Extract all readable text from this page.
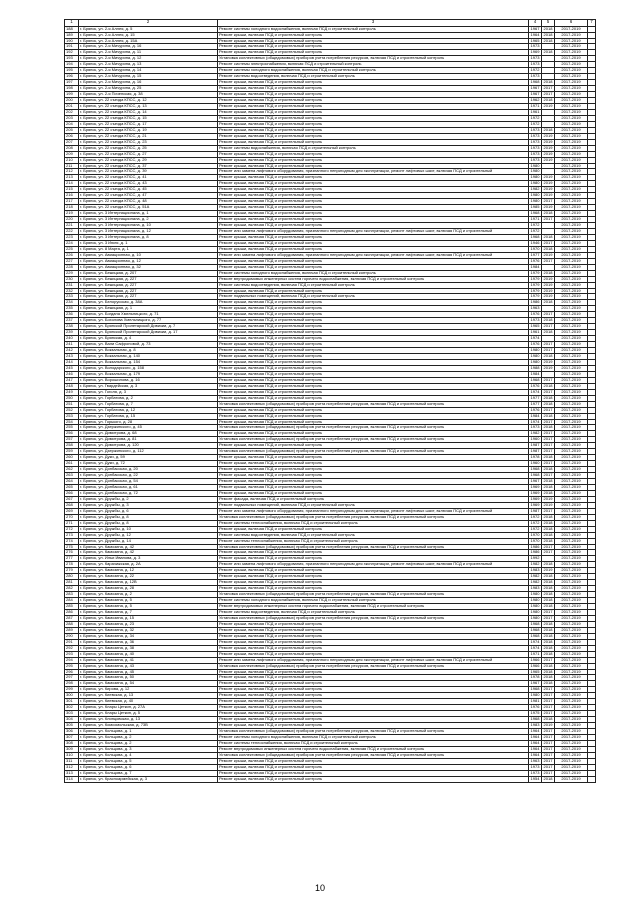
1	2	3	4	5	6	7
188	г. Брянск, ул. 2-я Аллея, д. 5	Ремонт системы холодного водоснабжения, включая ПСД и строительный контроль	1967	2018	2017-2019	
189	г. Брянск, ул. 2-я Аллея, д. 15	Ремонт крыши, включая ПСД и строительный контроль	1964	2018	2017-2019	
190	г. Брянск, ул. 2-я Аллея, д. 15А	Ремонт крыши, включая ПСД и строительный контроль	1965	2018	2017-2019	
191	г. Брянск, ул. 2-я Мичурина, д. 16	Ремонт крыши, включая ПСД и строительный контроль	1973		2017-2019	
192	г. Брянск, ул. 2-я Мичурина, д. 11	Ремонт крыши, включая ПСД и строительный контроль	1969	2018	2017-2019	
193	г. Брянск, ул. 2-я Мичурина, д. 12	Установка коллективных (общедомовых) приборов учета потребления ресурсов, включая ПСД и строительный контроль	1973		2017-2019	
194	г. Брянск, ул. 2-я Мичурина, д. 13	Ремонт системы электроснабжения, включая ПСД и строительный контроль	1973		2017-2019	
195	г. Брянск, ул. 2-я Мичурина, д. 14	Ремонт системы холодного водоснабжения, включая ПСД и строительный контроль	1972		2017-2019	
196	г. Брянск, ул. 2-я Мичурина, д. 15	Ремонт системы водоотведения, включая ПСД и строительный контроль	1973		2017-2019	
197	г. Брянск, ул. 2-я Мичурина, д. 16	Ремонт крыши, включая ПСД и строительный контроль	1968	2018	2017-2019	
198	г. Брянск, ул. 2-я Мичурина, д. 25	Ремонт крыши, включая ПСД и строительный контроль	1967	2017	2017-2019	
199	г. Брянск, ул. 2-я Почепская, д. 38	Ремонт крыши, включая ПСД и строительный контроль	1967	2017	2017-2019	
200	г. Брянск, ул. 22 съезда КПСС, д. 12	Ремонт крыши, включая ПСД и строительный контроль	1962	2018	2017-2019	
201	г. Брянск, ул. 22 съезда КПСС, д. 13	Ремонт крыши, включая ПСД и строительный контроль	1971	2019	2017-2019	
202	г. Брянск, ул. 22 съезда КПСС, д. 14	Ремонт крыши, включая ПСД и строительный контроль	1961		2017-2019	
203	г. Брянск, ул. 22 съезда КПСС, д. 15	Ремонт крыши, включая ПСД и строительный контроль	1972		2017-2019	
204	г. Брянск, ул. 22 съезда КПСС, д. 17	Ремонт крыши, включая ПСД и строительный контроль	1972		2017-2019	
205	г. Брянск, ул. 22 съезда КПСС, д. 19	Ремонт крыши, включая ПСД и строительный контроль	1973	2018	2017-2019	
206	г. Брянск, ул. 22 съезда КПСС, д. 21	Ремонт крыши, включая ПСД и строительный контроль	1973	2019	2017-2019	
207	г. Брянск, ул. 22 съезда КПСС, д. 23	Ремонт крыши, включая ПСД и строительный контроль	1973	2019	2017-2019	
208	г. Брянск, ул. 22 съезда КПСС, д. 25	Ремонт системы водоснабжения, включая ПСД и строительный контроль	1973	2019	2017-2019	
209	г. Брянск, ул. 22 съезда КПСС, д. 27	Ремонт крыши, включая ПСД и строительный контроль	1973	2019	2017-2019	
210	г. Брянск, ул. 22 съезда КПСС, д. 29	Ремонт крыши, включая ПСД и строительный контроль	1973	2019	2017-2019	
211	г. Брянск, ул. 22 съезда КПСС, д. 37	Ремонт крыши, включая ПСД и строительный контроль	1980		2017-2019	
212	г. Брянск, ул. 22 съезда КПСС, д. 39	Ремонт или замена лифтового оборудования, признанного непригодным для эксплуатации, ремонт лифтовых шахт, включая ПСД и строительный	1980		2017-2019	
213	г. Брянск, ул. 22 съезда КПСС, д. 41	Ремонт крыши, включая ПСД и строительный контроль	1980	2019	2017-2019	
214	г. Брянск, ул. 22 съезда КПСС, д. 43	Ремонт крыши, включая ПСД и строительный контроль	1980	2019	2017-2019	
215	г. Брянск, ул. 22 съезда КПСС, д. 45	Ремонт крыши, включая ПСД и строительный контроль	1982	2019	2017-2019	
216	г. Брянск, ул. 22 съезда КПСС, д. 47	Ремонт крыши, включая ПСД и строительный контроль	1980	2019	2017-2019	
217	г. Брянск, ул. 22 съезда КПСС, д. 48	Ремонт крыши, включая ПСД и строительный контроль	1980	2017	2017-2019	
218	г. Брянск, ул. 22 съезда КПСС, д. 51А	Ремонт крыши, включая ПСД и строительный контроль	1985	2019	2017-2019	
219	г. Брянск, ул. 3 Интернационала, д. 1	Ремонт крыши, включая ПСД и строительный контроль	1968	2018	2017-2019	
220	г. Брянск, ул. 3 Интернационала, д. 2	Ремонт крыши, включая ПСД и строительный контроль	1971	2017	2017-2019	
221	г. Брянск, ул. 3 Интернационала, д. 10	Ремонт крыши, включая ПСД и строительный контроль	1972		2017-2019	
222	г. Брянск, ул. 3 Интернационала, д. 12	Ремонт или замена лифтового оборудования, признанного непригодным для эксплуатации, ремонт лифтовых шахт, включая ПСД и строительный	1972		2017-2019	
223	г. Брянск, ул. 3 Интернационала, д. 8	Ремонт крыши, включая ПСД и строительный контроль	1968	2018	2017-2019	
224	г. Брянск, ул. 3 Июля, д. 1	Ремонт крыши, включая ПСД и строительный контроль	1946	2017	2017-2019	
225	г. Брянск, ул. 8 Марта, д. 1	Ремонт крыши, включая ПСД и строительный контроль	1970	2018	2017-2019	
226	г. Брянск, ул. Авиационная, д. 10	Ремонт или замена лифтового оборудования, признанного непригодным для эксплуатации, ремонт лифтовых шахт, включая ПСД и строительный	1977	2019	2017-2019	
227	г. Брянск, ул. Авиационная, д. 12	Ремонт крыши, включая ПСД и строительный контроль	1976	2017	2017-2019	
228	г. Брянск, ул. Авиационная, д. 32	Ремонт крыши, включая ПСД и строительный контроль	1984		2017-2019	
229	г. Брянск, ул. Бежицкая, д. 207	Ремонт системы холодного водоснабжения, включая ПСД и строительный контроль	1979	2018	2017-2019	
230	г. Брянск, ул. Бежицкая, д. 227	Ремонт внутридомовых инженерных систем горячего водоснабжения, включая ПСД и строительный контроль	1979	2019	2017-2019	
231	г. Брянск, ул. Бежицкая, д. 227	Ремонт системы водоотведения, включая ПСД и строительный контроль	1979	2019	2017-2019	
232	г. Брянск, ул. Бежицкая, д. 227	Ремонт крыши, включая ПСД и строительный контроль	1979	2019	2017-2019	
233	г. Брянск, ул. Бежицкая, д. 227	Ремонт подвальных помещений, включая ПСД и строительный контроль	1979	2019	2017-2019	
234	г. Брянск, ул. Белорусская, д. 38А	Ремонт крыши, включая ПСД и строительный контроль	1986	2018	2017-2019	
235	г. Брянск, ул. Бежицкая, д. 1	Ремонт крыши, включая ПСД и строительный контроль	1963		2017-2019	
236	г. Брянск, ул. Богдана Хмельницкого, д. 71	Ремонт крыши, включая ПСД и строительный контроль	1976	2017	2017-2019	
237	г. Брянск, ул. Бохолова Хмельницкого, д. 77	Ремонт крыши, включая ПСД и строительный контроль	1973	2018	2017-2019	
238	г. Брянск, ул. Брянской Пролетарской Дивизии, д. 7	Ремонт крыши, включая ПСД и строительный контроль	1965	2017	2017-2019	
239	г. Брянск, ул. Брянской Пролетарской Дивизии, д. 17	Ремонт крыши, включая ПСД и строительный контроль	1961	2018	2017-2019	
240	г. Брянск, ул. Брянская, д. 4	Ремонт крыши, включая ПСД и строительный контроль	1974		2017-2019	
241	г. Брянск, ул. Вали Сафроновой, д. 73	Ремонт крыши, включая ПСД и строительный контроль	1976	2017	2017-2019	
242	г. Брянск, ул. Вокзальная, д. 8	Ремонт крыши, включая ПСД и строительный контроль	1980	2017	2017-2019	
243	г. Брянск, ул. Вокзальная, д. 140	Ремонт крыши, включая ПСД и строительный контроль	1980	2018	2017-2019	
244	г. Брянск, ул. Вокзальная, д. 154	Ремонт крыши, включая ПСД и строительный контроль	1980	2019	2017-2019	
245	г. Брянск, ул. Володарского, д. 158	Ремонт крыши, включая ПСД и строительный контроль	1988	2019	2017-2019	
246	г. Брянск, ул. Вокзальная, д. 179	Ремонт крыши, включая ПСД и строительный контроль	1984		2017-2019	
247	г. Брянск, ул. Ворошилова, д. 16	Ремонт крыши, включая ПСД и строительный контроль	1968	2017	2017-2019	
248	г. Брянск, ул. Гвардейская, д. 3	Ремонт крыши, включая ПСД и строительный контроль	1976	2018	2017-2019	
249	г. Брянск, ул. Гоголя, д. 3	Ремонт крыши, включая ПСД и строительный контроль	1974	2017	2017-2019	
250	г. Брянск, ул. Горбатова, д. 2	Ремонт крыши, включая ПСД и строительный контроль	1977	2018	2017-2019	
251	г. Брянск, ул. Горбатова, д. 7	Установка коллективных (общедомовых) приборов учета потребления ресурсов, включая ПСД и строительный контроль	1977	2018	2017-2019	
252	г. Брянск, ул. Горбатова, д. 12	Ремонт крыши, включая ПСД и строительный контроль	1976	2017	2017-2019	
253	г. Брянск, ул. Горбатова, д. 15	Ремонт крыши, включая ПСД и строительный контроль	1984	2018	2017-2019	
254	г. Брянск, ул. Горького, д. 28	Ремонт крыши, включая ПСД и строительный контроль	1974	2017	2017-2019	
255	г. Брянск, ул. Дзержинского, д. 45	Установка коллективных (общедомовых) приборов учета потребления ресурсов, включая ПСД и строительный контроль	1973	2018	2017-2019	
256	г. Брянск, ул. Димитрова, д. 68	Ремонт крыши, включая ПСД и строительный контроль	1982	2017	2017-2019	
257	г. Брянск, ул. Димитрова, д. 81	Установка коллективных (общедомовых) приборов учета потребления ресурсов, включая ПСД и строительный контроль	1960	2017	2017-2019	
258	г. Брянск, ул. Димитрова, д. 120	Ремонт крыши, включая ПСД и строительный контроль	1987	2017	2017-2019	
259	г. Брянск, ул. Дзержинского, д. 112	Установка коллективных (общедомовых) приборов учета потребления ресурсов, включая ПСД и строительный контроль	1987	2017	2017-2019	
260	г. Брянск, ул. Дуки, д. 59	Ремонт крыши, включая ПСД и строительный контроль	1978	2018	2017-2019	
261	г. Брянск, ул. Дуки, д. 72	Ремонт крыши, включая ПСД и строительный контроль	1960	2017	2017-2019	
262	г. Брянск, ул. Донбасская, д. 20	Ремонт крыши, включая ПСД и строительный контроль	1968	2018	2017-2019	
263	г. Брянск, ул. Донбасская, д. 22	Ремонт крыши, включая ПСД и строительный контроль	1968	2017	2017-2019	
264	г. Брянск, ул. Донбасская, д. 54	Ремонт крыши, включая ПСД и строительный контроль	1967	2018	2017-2019	
265	г. Брянск, ул. Донбасская, д. 61	Ремонт крыши, включая ПСД и строительный контроль	1969	2018	2017-2019	
266	г. Брянск, ул. Донбасская, д. 72	Ремонт крыши, включая ПСД и строительный контроль	1969	2018	2017-2019	
267	г. Брянск, ул. Дружбы, д. 2	Ремонт фасада, включая ПСД и строительный контроль	1969	2019	2017-2019	
268	г. Брянск, ул. Дружбы, д. 3	Ремонт подвальных помещений, включая ПСД и строительный контроль	1969	2019	2017-2019	
269	г. Брянск, ул. Дружбы, д. 6	Ремонт или замена лифтового оборудования, признанного непригодным для эксплуатации, ремонт лифтовых шахт, включая ПСД и строительный	1987	2017	2017-2019	
270	г. Брянск, ул. Дружбы, д. 8	Установка коллективных (общедомовых) приборов учета потребления ресурсов, включая ПСД и строительный контроль	1972	2018	2017-2019	
271	г. Брянск, ул. Дружбы, д. 8	Ремонт системы теплоснабжения, включая ПСД и строительный контроль	1972	2018	2017-2019	
272	г. Брянск, ул. Дружбы, д. 10	Ремонт крыши, включая ПСД и строительный контроль	1972	2018	2017-2019	
273	г. Брянск, ул. Дружбы, д. 12	Ремонт системы водоотведения, включая ПСД и строительный контроль	1970	2018	2017-2019	
274	г. Брянск, ул. Дружбы, д. 14	Ремонт системы теплоснабжения, включая ПСД и строительный контроль	1970	2018	2017-2019	
275	г. Брянск, ул. Камозина, д. 42	Установка коллективных (общедомовых) приборов учета потребления ресурсов, включая ПСД и строительный контроль	1986	2017	2017-2019	
276	г. Брянск, ул. Камозина, д. 42	Ремонт крыши, включая ПСД и строительный контроль	1986	2017	2017-2019	
277	г. Брянск, ул. Ильи Иванова, д. 3	Ремонт крыши, включая ПСД и строительный контроль	1992		2017-2019	
278	г. Брянск, ул. Карачижская, д. 2А	Ремонт или замена лифтового оборудования, признанного непригодным для эксплуатации, ремонт лифтовых шахт, включая ПСД и строительный	1982	2018	2017-2019	
279	г. Брянск, ул. Камозина, д. 12	Ремонт крыши, включая ПСД и строительный контроль	1983	2019	2017-2019	
280	г. Брянск, ул. Камозина, д. 22	Ремонт крыши, включая ПСД и строительный контроль	1982	2018	2017-2019	
281	г. Брянск, ул. Камозина, д. 12В	Ремонт крыши, включая ПСД и строительный контроль	1982	2018	2017-2019	
282	г. Брянск, ул. Камозина, д. 28	Ремонт крыши, включая ПСД и строительный контроль	1983	2018	2017-2019	
283	г. Брянск, ул. Камозина, д. 2	Установка коллективных (общедомовых) приборов учета потребления ресурсов, включая ПСД и строительный контроль	1980	2018	2017-2019	
284	г. Брянск, ул. Камозина, д. 5	Ремонт системы холодного водоснабжения, включая ПСД и строительный контроль	1980	2018	2017-2019	
285	г. Брянск, ул. Камозина, д. 5	Ремонт внутридомовых инженерных систем горячего водоснабжения, включая ПСД и строительный контроль	1980	2018	2017-2019	
286	г. Брянск, ул. Камозина, д. 7	Ремонт системы водоотведения, включая ПСД и строительный контроль	1980	2017	2017-2019	
287	г. Брянск, ул. Камозина, д. 15	Установка коллективных (общедомовых) приборов учета потребления ресурсов, включая ПСД и строительный контроль	1980	2017	2017-2019	
288	г. Брянск, ул. Камозина, д. 23	Ремонт крыши, включая ПСД и строительный контроль	1968	2018	2017-2019	
289	г. Брянск, ул. Камозина, д. 32	Ремонт крыши, включая ПСД и строительный контроль	1968	2018	2017-2019	
290	г. Брянск, ул. Камозина, д. 34	Ремонт крыши, включая ПСД и строительный контроль	1968	2018	2017-2019	
291	г. Брянск, ул. Камозина, д. 36	Ремонт крыши, включая ПСД и строительный контроль	1974	2018	2017-2019	
292	г. Брянск, ул. Камозина, д. 38	Ремонт крыши, включая ПСД и строительный контроль	1974	2018	2017-2019	
293	г. Брянск, ул. Камозина, д. 40	Ремонт крыши, включая ПСД и строительный контроль	1971	2018	2017-2019	
294	г. Брянск, ул. Камозина, д. 41	Ремонт или замена лифтового оборудования, признанного непригодным для эксплуатации, ремонт лифтовых шахт, включая ПСД и строительный	1966	2017	2017-2019	
295	г. Брянск, ул. Камозина, д. 43	Установка коллективных (общедомовых) приборов учета потребления ресурсов, включая ПСД и строительный контроль	1966	2018	2017-2019	
296	г. Брянск, ул. Камозина, д. 45	Ремонт крыши, включая ПСД и строительный контроль	1965	2018	2017-2019	
297	г. Брянск, ул. Камозина, д. 50	Ремонт крыши, включая ПСД и строительный контроль	1978	2018	2017-2019	
298	г. Брянск, ул. Камозина, д. 54	Ремонт крыши, включая ПСД и строительный контроль	1967	2018	2017-2019	
299	г. Брянск, ул. Кирова, д. 12	Ремонт крыши, включая ПСД и строительный контроль	1968	2017	2017-2019	
300	г. Брянск, ул. Киевская, д. 13	Ремонт крыши, включая ПСД и строительный контроль	1980	2017	2017-2019	
301	г. Брянск, ул. Киевская, д. 40	Ремонт крыши, включая ПСД и строительный контроль	1981	2017	2017-2019	
302	г. Брянск, ул. Клары Цеткин, д. 27А	Ремонт крыши, включая ПСД и строительный контроль	1976	2017	2017-2019	
303	г. Брянск, ул. Клары Цеткин, д. 5	Ремонт крыши, включая ПСД и строительный контроль	1975	2017	2017-2019	
304	г. Брянск, ул. Клинцовская, д. 13	Ремонт крыши, включая ПСД и строительный контроль	1968	2018	2017-2019	
305	г. Брянск, ул. Комсомольская, д. 73В	Ремонт крыши, включая ПСД и строительный контроль	1983	2019	2017-2019	
306	г. Брянск, ул. Кольцова, д. 1	Установка коллективных (общедомовых) приборов учета потребления ресурсов, включая ПСД и строительный контроль	1964	2017	2017-2019	
307	г. Брянск, ул. Кольцова, д. 2	Ремонт системы холодного водоснабжения, включая ПСД и строительный контроль	1964	2017	2017-2019	
308	г. Брянск, ул. Кольцова, д. 2	Ремонт системы теплоснабжения, включая ПСД и строительный контроль	1964	2017	2017-2019	
309	г. Брянск, ул. Кольцова, д. 3	Ремонт внутридомовых инженерных систем горячего водоснабжения, включая ПСД и строительный контроль	1964	2017	2017-2019	
310	г. Брянск, ул. Кольцова, д. 4	Установка коллективных (общедомовых) приборов учета потребления ресурсов, включая ПСД и строительный контроль	1964	2017	2017-2019	
311	г. Брянск, ул. Кольцова, д. 5	Ремонт крыши, включая ПСД и строительный контроль	1963	2017	2017-2019	
312	г. Брянск, ул. Кольцова, д. 6	Ремонт крыши, включая ПСД и строительный контроль	1973	2017	2017-2019	
313	г. Брянск, ул. Кольцова, д. 7	Ремонт крыши, включая ПСД и строительный контроль	1973	2017	2017-2019	
314	г. Брянск, ул. Красноармейская, д. 3	Ремонт крыши, включая ПСД и строительный контроль	1954	2018	2017-2019	
10
